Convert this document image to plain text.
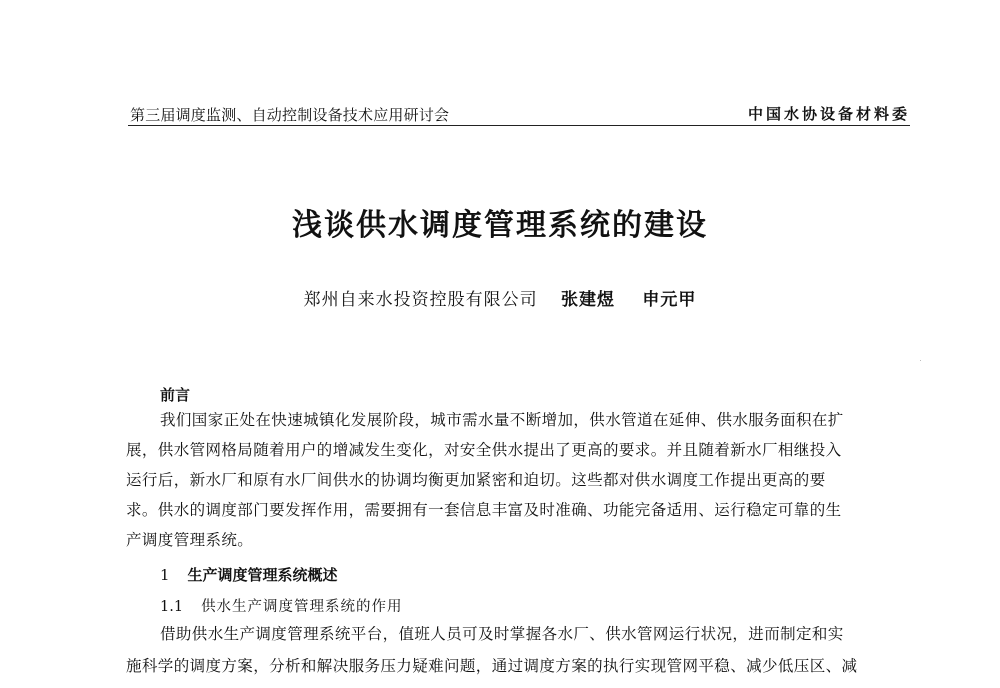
第三届调度监测、自动控制设备技术应用研讨会	中国水协设备材料委
浅谈供水调度管理系统的建设
郑州自来水投资控股有限公司 张建煜 申元甲
前言
我们国家正处在快速城镇化发展阶段，城市需水量不断增加，供水管道在延伸、供水服务面积在扩
展，供水管网格局随着用户的增减发生变化，对安全供水提出了更高的要求。并且随着新水厂相继投入
运行后，新水厂和原有水厂间供水的协调均衡更加紧密和迫切。这些都对供水调度工作提出更高的要
求。供水的调度部门要发挥作用，需要拥有一套信息丰富及时准确、功能完备适用、运行稳定可靠的生
产调度管理系统。
1 生产调度管理系统概述
1.1 供水生产调度管理系统的作用
借助供水生产调度管理系统平台，值班人员可及时掌握各水厂、供水管网运行状况，进而制定和实
施科学的调度方案，分析和解决服务压力疑难问题，通过调度方案的执行实现管网平稳、减少低压区、减
